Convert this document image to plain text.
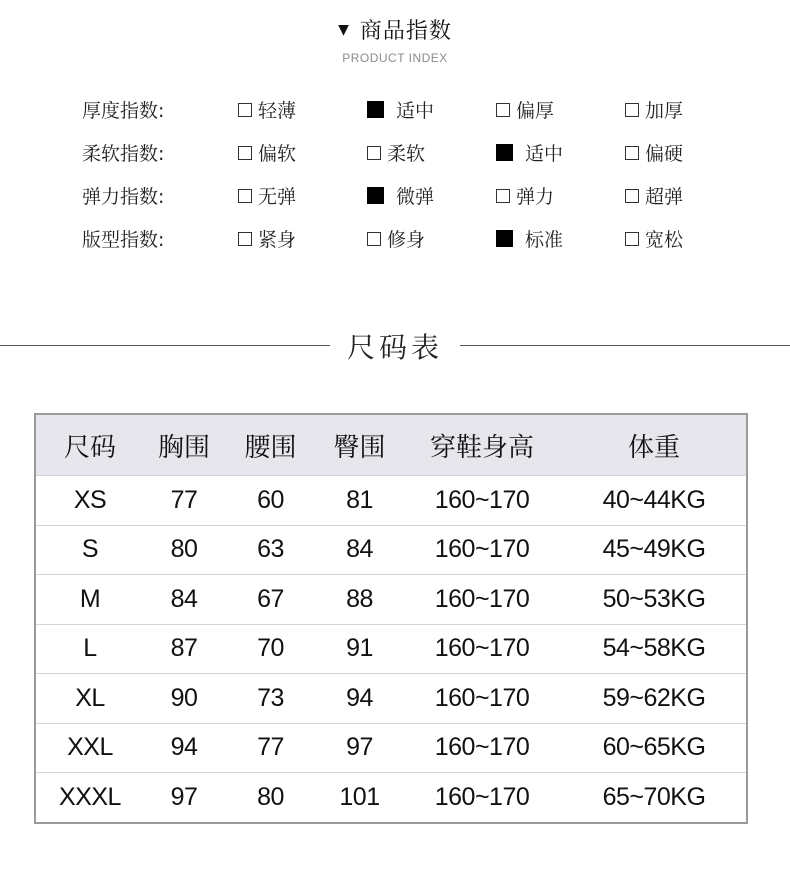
▼ 商品指数
PRODUCT INDEX
厚度指数:	轻薄	适中	偏厚	加厚
柔软指数:	偏软	柔软	适中	偏硬
弹力指数:	无弹	微弹	弹力	超弹
版型指数:	紧身	修身	标准	宽松
尺码表
尺码	胸围	腰围	臀围	穿鞋身高	体重
XS	77	60	81	160~170	40~44KG
S	80	63	84	160~170	45~49KG
M	84	67	88	160~170	50~53KG
L	87	70	91	160~170	54~58KG
XL	90	73	94	160~170	59~62KG
XXL	94	77	97	160~170	60~65KG
XXXL	97	80	101	160~170	65~70KG
